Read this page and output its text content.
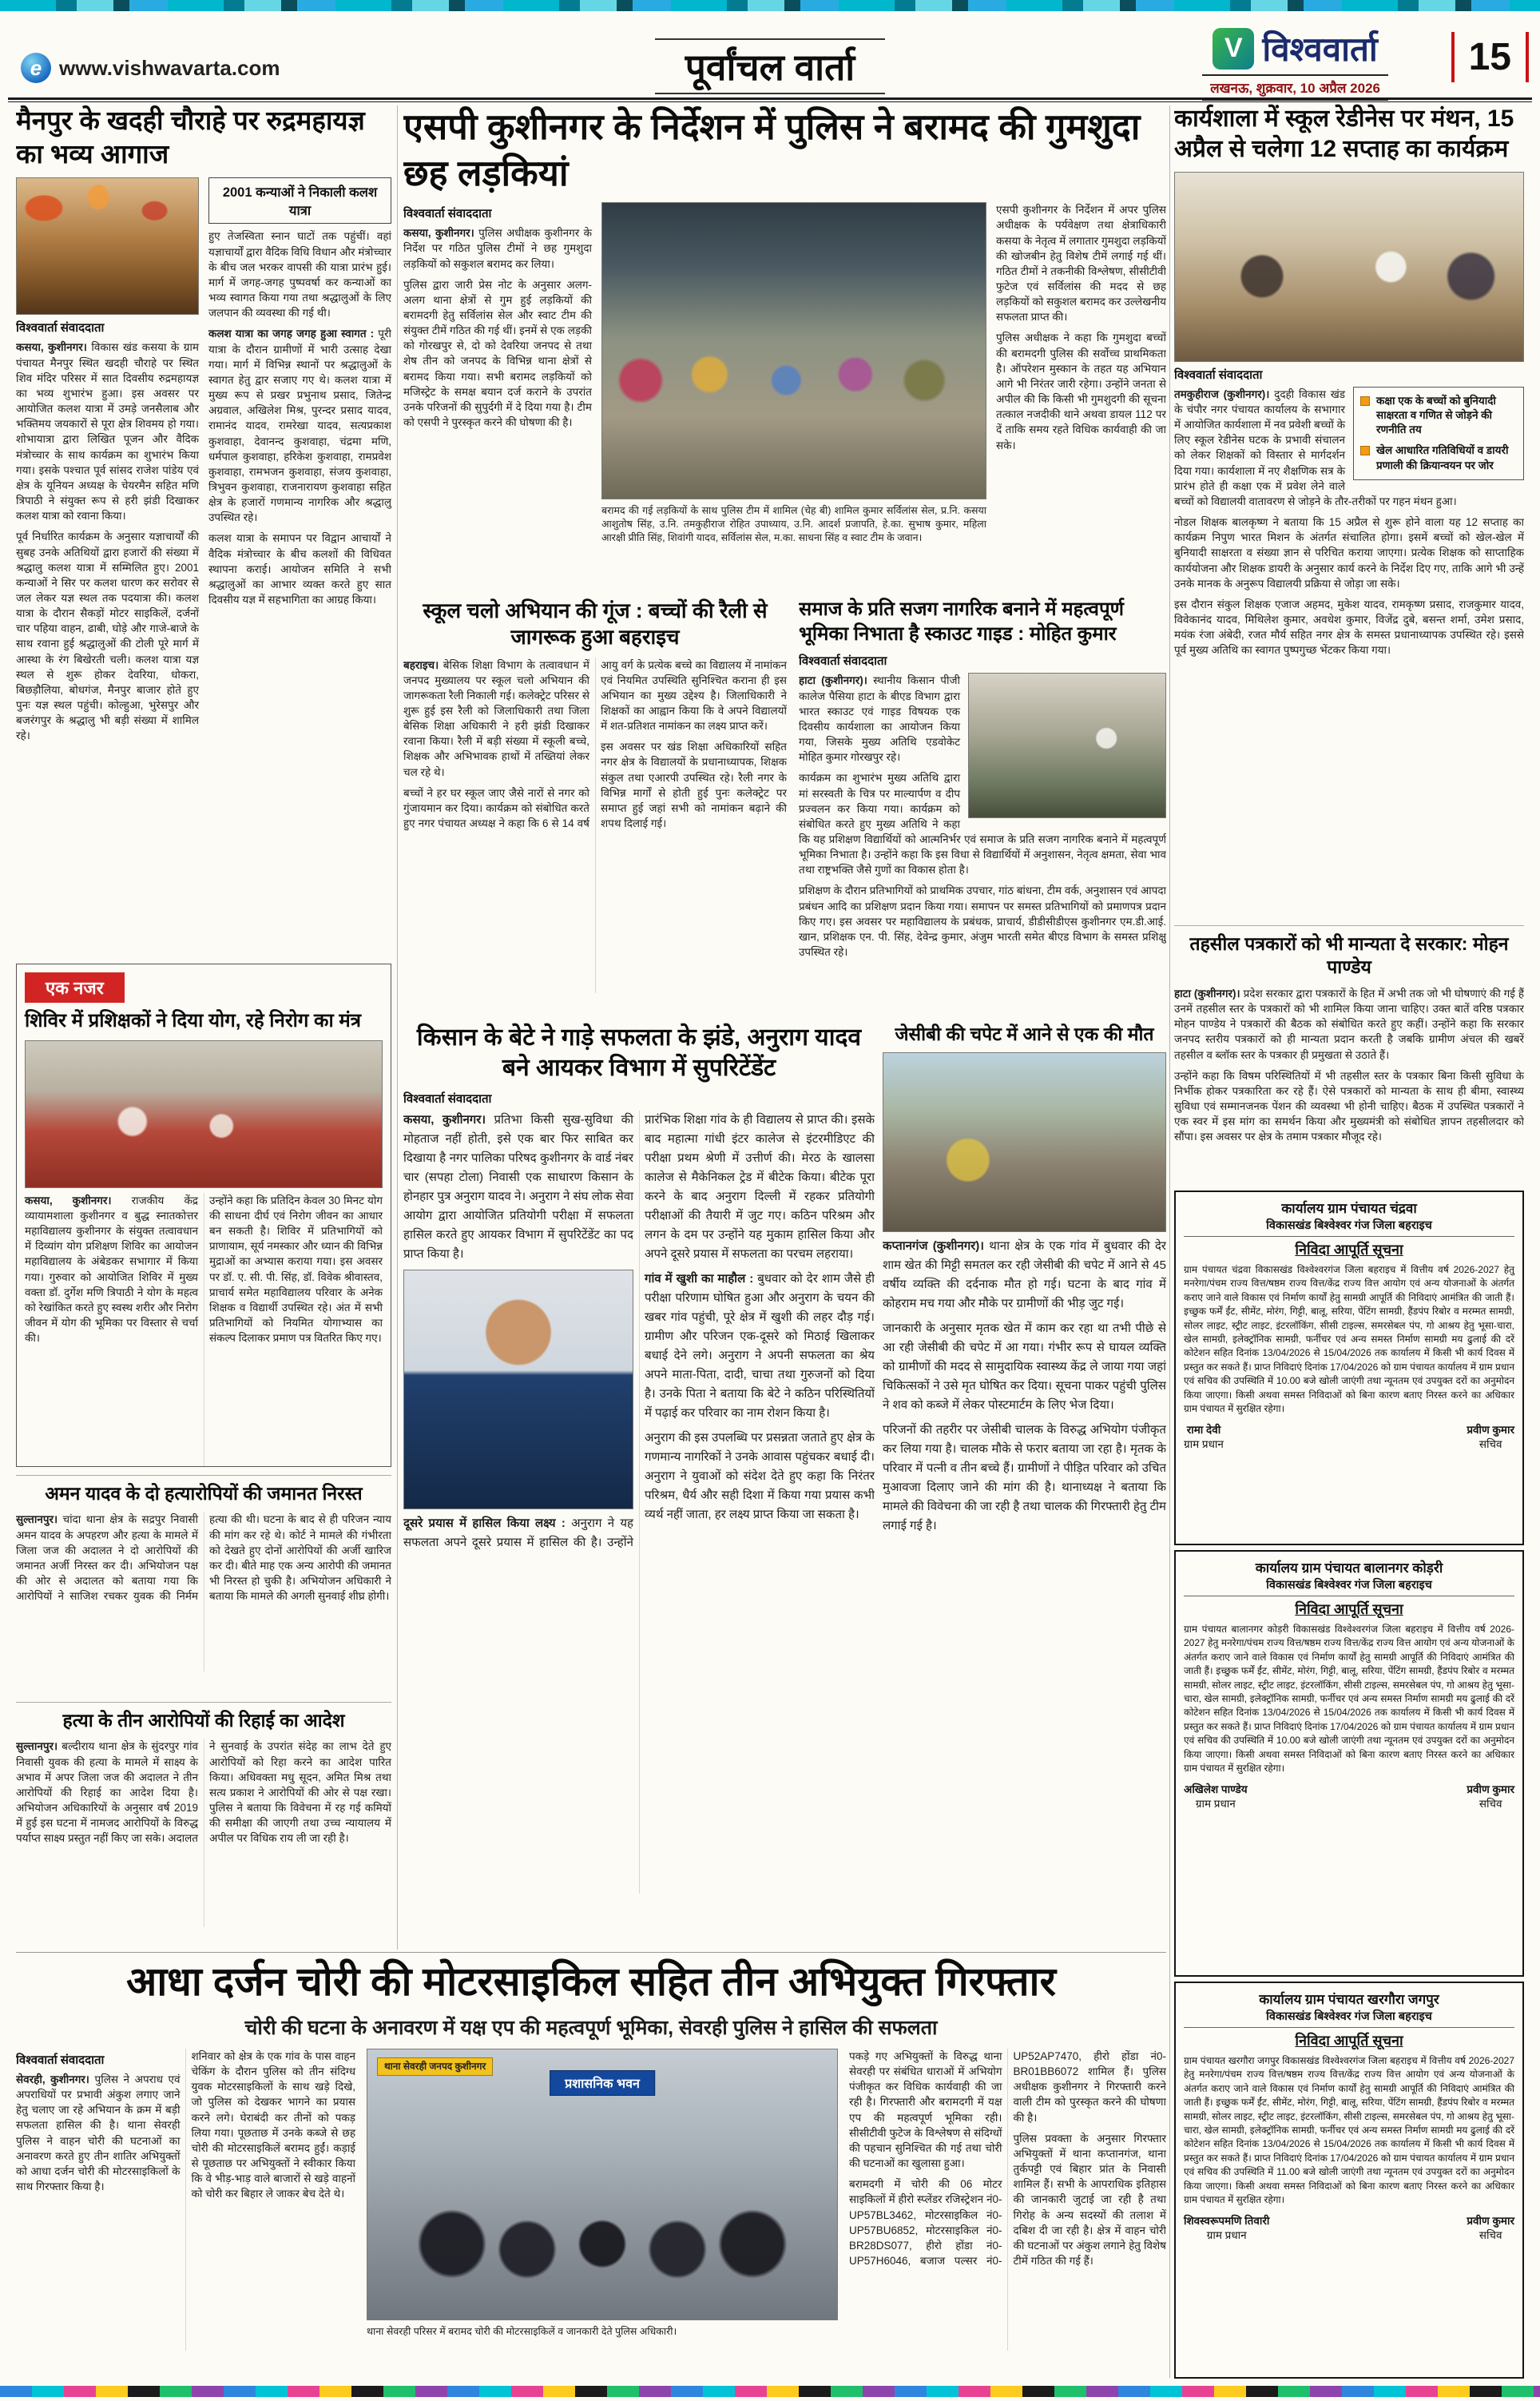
e www.vishwavarta.com	पूर्वांचल वार्ता	V विश्ववार्ता
लखनऊ, शुक्रवार, 10 अप्रैल 2026
15
मैनपुर के खदही चौराहे पर रुद्रमहायज्ञ का भव्य आगाज

विश्ववार्ता संवाददाता

कसया, कुशीनगर। विकास खंड कसया के ग्राम पंचायत मैनपुर स्थित खदही चौराहे पर स्थित शिव मंदिर परिसर में सात दिवसीय रुद्रमहायज्ञ का भव्य शुभारंभ हुआ। इस अवसर पर आयोजित कलश यात्रा में उमड़े जनसैलाब और भक्तिमय जयकारों से पूरा क्षेत्र शिवमय हो गया। शोभायात्रा द्वारा लिखित पूजन और वैदिक मंत्रोच्चार के साथ कार्यक्रम का शुभारंभ किया गया। इसके पश्चात पूर्व सांसद राजेश पांडेय एवं क्षेत्र के यूनियन अध्यक्ष के चेयरमैन सहित मणि त्रिपाठी ने संयुक्त रूप से हरी झंडी दिखाकर कलश यात्रा को रवाना किया।

पूर्व निर्धारित कार्यक्रम के अनुसार यज्ञाचार्यों की सुबह उनके अतिथियों द्वारा हजारों की संख्या में श्रद्धालु कलश यात्रा में सम्मिलित हुए। 2001 कन्याओं ने सिर पर कलश धारण कर सरोवर से जल लेकर यज्ञ स्थल तक पदयात्रा की। कलश यात्रा के दौरान सैकड़ों मोटर साइकिलें, दर्जनों चार पहिया वाहन, ढाबी, घोड़े और गाजे-बाजे के साथ रवाना हुई श्रद्धालुओं की टोली पूरे मार्ग में आस्था के रंग बिखेरती चली। कलश यात्रा यज्ञ स्थल से शुरू होकर देवरिया, धोकरा, बिछड़ौलिया, बोधगंज, मैनपुर बाजार होते हुए पुनः यज्ञ स्थल पहुंची। कोल्हुआ, भुरेसपुर और बजरंगपुर के श्रद्धालु भी बड़ी संख्या में शामिल रहे।

2001 कन्याओं ने निकाली कलश यात्रा

हुए तेजस्विता स्नान घाटों तक पहुंचीं। वहां यज्ञाचार्यों द्वारा वैदिक विधि विधान और मंत्रोच्चार के बीच जल भरकर वापसी की यात्रा प्रारंभ हुई। मार्ग में जगह-जगह पुष्पवर्षा कर कन्याओं का भव्य स्वागत किया गया तथा श्रद्धालुओं के लिए जलपान की व्यवस्था की गई थी।

कलश यात्रा का जगह जगह हुआ स्वागत : पूरी यात्रा के दौरान ग्रामीणों में भारी उत्साह देखा गया। मार्ग में विभिन्न स्थानों पर श्रद्धालुओं के स्वागत हेतु द्वार सजाए गए थे। कलश यात्रा में मुख्य रूप से प्रखर प्रभुनाथ प्रसाद, जितेन्द्र अग्रवाल, अखिलेश मिश्र, पुरन्दर प्रसाद यादव, रामानंद यादव, रामरेखा यादव, सत्यप्रकाश कुशवाहा, देवानन्द कुशवाहा, चंद्रमा मणि, धर्मपाल कुशवाहा, हरिकेश कुशवाहा, रामप्रवेश कुशवाहा, रामभजन कुशवाहा, संजय कुशवाहा, त्रिभुवन कुशवाहा, राजनारायण कुशवाहा सहित क्षेत्र के हजारों गणमान्य नागरिक और श्रद्धालु उपस्थित रहे।

कलश यात्रा के समापन पर विद्वान आचार्यों ने वैदिक मंत्रोच्चार के बीच कलशों की विधिवत स्थापना कराई। आयोजन समिति ने सभी श्रद्धालुओं का आभार व्यक्त करते हुए सात दिवसीय यज्ञ में सहभागिता का आग्रह किया।

एक नजर
शिविर में प्रशिक्षकों ने दिया योग, रहे निरोग का मंत्र

कसया, कुशीनगर। राजकीय केंद्र व्यायामशाला कुशीनगर व बुद्ध स्नातकोत्तर महाविद्यालय कुशीनगर के संयुक्त तत्वावधान में दिव्यांग योग प्रशिक्षण शिविर का आयोजन महाविद्यालय के अंबेडकर सभागार में किया गया। गुरुवार को आयोजित शिविर में मुख्य वक्ता डॉ. दुर्गेश मणि त्रिपाठी ने योग के महत्व को रेखांकित करते हुए स्वस्थ शरीर और निरोग जीवन में योग की भूमिका पर विस्तार से चर्चा की।

उन्होंने कहा कि प्रतिदिन केवल 30 मिनट योग की साधना दीर्घ एवं निरोग जीवन का आधार बन सकती है। शिविर में प्रतिभागियों को प्राणायाम, सूर्य नमस्कार और ध्यान की विभिन्न मुद्राओं का अभ्यास कराया गया। इस अवसर पर डॉ. ए. सी. पी. सिंह, डॉ. विवेक श्रीवास्तव, प्राचार्य समेत महाविद्यालय परिवार के अनेक शिक्षक व विद्यार्थी उपस्थित रहे। अंत में सभी प्रतिभागियों को नियमित योगाभ्यास का संकल्प दिलाकर प्रमाण पत्र वितरित किए गए।

अमन यादव के दो हत्यारोपियों की जमानत निरस्त

सुल्तानपुर। चांदा थाना क्षेत्र के सद्रपुर निवासी अमन यादव के अपहरण और हत्या के मामले में जिला जज की अदालत ने दो आरोपियों की जमानत अर्जी निरस्त कर दी। अभियोजन पक्ष की ओर से अदालत को बताया गया कि आरोपियों ने साजिश रचकर युवक की निर्मम हत्या की थी। घटना के बाद से ही परिजन न्याय की मांग कर रहे थे। कोर्ट ने मामले की गंभीरता को देखते हुए दोनों आरोपियों की अर्जी खारिज कर दी। बीते माह एक अन्य आरोपी की जमानत भी निरस्त हो चुकी है। अभियोजन अधिकारी ने बताया कि मामले की अगली सुनवाई शीघ्र होगी।

हत्या के तीन आरोपियों की रिहाई का आदेश

सुल्तानपुर। बल्दीराय थाना क्षेत्र के सुंदरपुर गांव निवासी युवक की हत्या के मामले में साक्ष्य के अभाव में अपर जिला जज की अदालत ने तीन आरोपियों की रिहाई का आदेश दिया है। अभियोजन अधिकारियों के अनुसार वर्ष 2019 में हुई इस घटना में नामजद आरोपियों के विरुद्ध पर्याप्त साक्ष्य प्रस्तुत नहीं किए जा सके। अदालत ने सुनवाई के उपरांत संदेह का लाभ देते हुए आरोपियों को रिहा करने का आदेश पारित किया। अधिवक्ता मधु सूदन, अमित मिश्र तथा सत्य प्रकाश ने आरोपियों की ओर से पक्ष रखा। पुलिस ने बताया कि विवेचना में रह गई कमियों की समीक्षा की जाएगी तथा उच्च न्यायालय में अपील पर विधिक राय ली जा रही है।

एसपी कुशीनगर के निर्देशन में पुलिस ने बरामद की गुमशुदा छह लड़कियां

विश्ववार्ता संवाददाता

कसया, कुशीनगर। पुलिस अधीक्षक कुशीनगर के निर्देश पर गठित पुलिस टीमों ने छह गुमशुदा लड़कियों को सकुशल बरामद कर लिया।

पुलिस द्वारा जारी प्रेस नोट के अनुसार अलग-अलग थाना क्षेत्रों से गुम हुई लड़कियों की बरामदगी हेतु सर्विलांस सेल और स्वाट टीम की संयुक्त टीमें गठित की गई थीं। इनमें से एक लड़की को गोरखपुर से, दो को देवरिया जनपद से तथा शेष तीन को जनपद के विभिन्न थाना क्षेत्रों से बरामद किया गया। सभी बरामद लड़कियों को मजिस्ट्रेट के समक्ष बयान दर्ज कराने के उपरांत उनके परिजनों की सुपुर्दगी में दे दिया गया है। टीम को एसपी ने पुरस्कृत करने की घोषणा की है।

बरामद की गई लड़कियों के साथ पुलिस टीम में शामिल (चेह बी) शामिल कुमार सर्विलांस सेल, प्र.नि. कसया आशुतोष सिंह, उ.नि. तमकुहीराज रोहित उपाध्याय, उ.नि. आदर्श प्रजापति, हे.का. सुभाष कुमार, महिला आरक्षी प्रीति सिंह, शिवांगी यादव, सर्विलांस सेल, म.का. साधना सिंह व स्वाट टीम के जवान।

एसपी कुशीनगर के निर्देशन में अपर पुलिस अधीक्षक के पर्यवेक्षण तथा क्षेत्राधिकारी कसया के नेतृत्व में लगातार गुमशुदा लड़कियों की खोजबीन हेतु विशेष टीमें लगाई गई थीं। गठित टीमों ने तकनीकी विश्लेषण, सीसीटीवी फुटेज एवं सर्विलांस की मदद से छह लड़कियों को सकुशल बरामद कर उल्लेखनीय सफलता प्राप्त की।

पुलिस अधीक्षक ने कहा कि गुमशुदा बच्चों की बरामदगी पुलिस की सर्वोच्च प्राथमिकता है। ऑपरेशन मुस्कान के तहत यह अभियान आगे भी निरंतर जारी रहेगा। उन्होंने जनता से अपील की कि किसी भी गुमशुदगी की सूचना तत्काल नजदीकी थाने अथवा डायल 112 पर दें ताकि समय रहते विधिक कार्यवाही की जा सके।

स्कूल चलो अभियान की गूंज : बच्चों की रैली से जागरूक हुआ बहराइच

बहराइच। बेसिक शिक्षा विभाग के तत्वावधान में जनपद मुख्यालय पर स्कूल चलो अभियान की जागरूकता रैली निकाली गई। कलेक्ट्रेट परिसर से शुरू हुई इस रैली को जिलाधिकारी तथा जिला बेसिक शिक्षा अधिकारी ने हरी झंडी दिखाकर रवाना किया। रैली में बड़ी संख्या में स्कूली बच्चे, शिक्षक और अभिभावक हाथों में तख्तियां लेकर चल रहे थे।

बच्चों ने हर घर स्कूल जाए जैसे नारों से नगर को गुंजायमान कर दिया। कार्यक्रम को संबोधित करते हुए नगर पंचायत अध्यक्ष ने कहा कि 6 से 14 वर्ष आयु वर्ग के प्रत्येक बच्चे का विद्यालय में नामांकन एवं नियमित उपस्थिति सुनिश्चित कराना ही इस अभियान का मुख्य उद्देश्य है। जिलाधिकारी ने शिक्षकों का आह्वान किया कि वे अपने विद्यालयों में शत-प्रतिशत नामांकन का लक्ष्य प्राप्त करें।

इस अवसर पर खंड शिक्षा अधिकारियों सहित नगर क्षेत्र के विद्यालयों के प्रधानाध्यापक, शिक्षक संकुल तथा एआरपी उपस्थित रहे। रैली नगर के विभिन्न मार्गों से होती हुई पुनः कलेक्ट्रेट पर समाप्त हुई जहां सभी को नामांकन बढ़ाने की शपथ दिलाई गई।

समाज के प्रति सजग नागरिक बनाने में महत्वपूर्ण भूमिका निभाता है स्काउट गाइड : मोहित कुमार

विश्ववार्ता संवाददाता

हाटा (कुशीनगर)। स्थानीय किसान पीजी कालेज पैसिया हाटा के बीएड विभाग द्वारा भारत स्काउट एवं गाइड विषयक एक दिवसीय कार्यशाला का आयोजन किया गया, जिसके मुख्य अतिथि एडवोकेट मोहित कुमार गोरखपुर रहे।

कार्यक्रम का शुभारंभ मुख्य अतिथि द्वारा मां सरस्वती के चित्र पर माल्यार्पण व दीप प्रज्वलन कर किया गया। कार्यक्रम को संबोधित करते हुए मुख्य अतिथि ने कहा कि यह प्रशिक्षण विद्यार्थियों को आत्मनिर्भर एवं समाज के प्रति सजग नागरिक बनाने में महत्वपूर्ण भूमिका निभाता है। उन्होंने कहा कि इस विधा से विद्यार्थियों में अनुशासन, नेतृत्व क्षमता, सेवा भाव तथा राष्ट्रभक्ति जैसे गुणों का विकास होता है।

प्रशिक्षण के दौरान प्रतिभागियों को प्राथमिक उपचार, गांठ बांधना, टीम वर्क, अनुशासन एवं आपदा प्रबंधन आदि का प्रशिक्षण प्रदान किया गया। समापन पर समस्त प्रतिभागियों को प्रमाणपत्र प्रदान किए गए। इस अवसर पर महाविद्यालय के प्रबंधक, प्राचार्य, डीडीसीडीएस कुशीनगर एम.डी.आई. खान, प्रशिक्षक एन. पी. सिंह, देवेन्द्र कुमार, अंजुम भारती समेत बीएड विभाग के समस्त प्रशिक्षु उपस्थित रहे।

किसान के बेटे ने गाड़े सफलता के झंडे, अनुराग यादव बने आयकर विभाग में सुपरिटेंडेंट

विश्ववार्ता संवाददाता

कसया, कुशीनगर। प्रतिभा किसी सुख-सुविधा की मोहताज नहीं होती, इसे एक बार फिर साबित कर दिखाया है नगर पालिका परिषद कुशीनगर के वार्ड नंबर चार (सपहा टोला) निवासी एक साधारण किसान के होनहार पुत्र अनुराग यादव ने। अनुराग ने संघ लोक सेवा आयोग द्वारा आयोजित प्रतियोगी परीक्षा में सफलता हासिल करते हुए आयकर विभाग में सुपरिटेंडेंट का पद प्राप्त किया है।

दूसरे प्रयास में हासिल किया लक्ष्य : अनुराग ने यह सफलता अपने दूसरे प्रयास में हासिल की है। उन्होंने प्रारंभिक शिक्षा गांव के ही विद्यालय से प्राप्त की। इसके बाद महात्मा गांधी इंटर कालेज से इंटरमीडिएट की परीक्षा प्रथम श्रेणी में उत्तीर्ण की। मेरठ के खालसा कालेज से मैकेनिकल ट्रेड में बीटेक किया। बीटेक पूरा करने के बाद अनुराग दिल्ली में रहकर प्रतियोगी परीक्षाओं की तैयारी में जुट गए। कठिन परिश्रम और लगन के दम पर उन्होंने यह मुकाम हासिल किया और अपने दूसरे प्रयास में सफलता का परचम लहराया।

गांव में खुशी का माहौल : बुधवार को देर शाम जैसे ही परीक्षा परिणाम घोषित हुआ और अनुराग के चयन की खबर गांव पहुंची, पूरे क्षेत्र में खुशी की लहर दौड़ गई। ग्रामीण और परिजन एक-दूसरे को मिठाई खिलाकर बधाई देने लगे। अनुराग ने अपनी सफलता का श्रेय अपने माता-पिता, दादी, चाचा तथा गुरुजनों को दिया है। उनके पिता ने बताया कि बेटे ने कठिन परिस्थितियों में पढ़ाई कर परिवार का नाम रोशन किया है।

अनुराग की इस उपलब्धि पर प्रसन्नता जताते हुए क्षेत्र के गणमान्य नागरिकों ने उनके आवास पहुंचकर बधाई दी। अनुराग ने युवाओं को संदेश देते हुए कहा कि निरंतर परिश्रम, धैर्य और सही दिशा में किया गया प्रयास कभी व्यर्थ नहीं जाता, हर लक्ष्य प्राप्त किया जा सकता है।

जेसीबी की चपेट में आने से एक की मौत

कप्तानगंज (कुशीनगर)। थाना क्षेत्र के एक गांव में बुधवार की देर शाम खेत की मिट्टी समतल कर रही जेसीबी की चपेट में आने से 45 वर्षीय व्यक्ति की दर्दनाक मौत हो गई। घटना के बाद गांव में कोहराम मच गया और मौके पर ग्रामीणों की भीड़ जुट गई।

जानकारी के अनुसार मृतक खेत में काम कर रहा था तभी पीछे से आ रही जेसीबी की चपेट में आ गया। गंभीर रूप से घायल व्यक्ति को ग्रामीणों की मदद से सामुदायिक स्वास्थ्य केंद्र ले जाया गया जहां चिकित्सकों ने उसे मृत घोषित कर दिया। सूचना पाकर पहुंची पुलिस ने शव को कब्जे में लेकर पोस्टमार्टम के लिए भेज दिया।

परिजनों की तहरीर पर जेसीबी चालक के विरुद्ध अभियोग पंजीकृत कर लिया गया है। चालक मौके से फरार बताया जा रहा है। मृतक के परिवार में पत्नी व तीन बच्चे हैं। ग्रामीणों ने पीड़ित परिवार को उचित मुआवजा दिलाए जाने की मांग की है। थानाध्यक्ष ने बताया कि मामले की विवेचना की जा रही है तथा चालक की गिरफ्तारी हेतु टीम लगाई गई है।

कार्यशाला में स्कूल रेडीनेस पर मंथन, 15 अप्रैल से चलेगा 12 सप्ताह का कार्यक्रम

विश्ववार्ता संवाददाता

कक्षा एक के बच्चों को बुनियादी साक्षरता व गणित से जोड़ने की रणनीति तय
खेल आधारित गतिविधियों व डायरी प्रणाली की क्रियान्वयन पर जोर

तमकुहीराज (कुशीनगर)। दुदही विकास खंड के चंपौर नगर पंचायत कार्यालय के सभागार में आयोजित कार्यशाला में नव प्रवेशी बच्चों के लिए स्कूल रेडीनेस घटक के प्रभावी संचालन को लेकर शिक्षकों को विस्तार से मार्गदर्शन दिया गया। कार्यशाला में नए शैक्षणिक सत्र के प्रारंभ होते ही कक्षा एक में प्रवेश लेने वाले बच्चों को विद्यालयी वातावरण से जोड़ने के तौर-तरीकों पर गहन मंथन हुआ।

नोडल शिक्षक बालकृष्ण ने बताया कि 15 अप्रैल से शुरू होने वाला यह 12 सप्ताह का कार्यक्रम निपुण भारत मिशन के अंतर्गत संचालित होगा। इसमें बच्चों को खेल-खेल में बुनियादी साक्षरता व संख्या ज्ञान से परिचित कराया जाएगा। प्रत्येक शिक्षक को साप्ताहिक कार्ययोजना और शिक्षक डायरी के अनुसार कार्य करने के निर्देश दिए गए, ताकि आगे भी उन्हें उनके मानक के अनुरूप विद्यालयी प्रक्रिया से जोड़ा जा सके।

इस दौरान संकुल शिक्षक एजाज अहमद, मुकेश यादव, रामकृष्ण प्रसाद, राजकुमार यादव, विवेकानंद यादव, मिथिलेश कुमार, अवधेश कुमार, विजेंद्र दुबे, बसन्त शर्मा, उमेश प्रसाद, मयंक रंजा अंबेदी, रजत मौर्य सहित नगर क्षेत्र के समस्त प्रधानाध्यापक उपस्थित रहे। इससे पूर्व मुख्य अतिथि का स्वागत पुष्पगुच्छ भेंटकर किया गया।

तहसील पत्रकारों को भी मान्यता दे सरकार: मोहन पाण्डेय

हाटा (कुशीनगर)। प्रदेश सरकार द्वारा पत्रकारों के हित में अभी तक जो भी घोषणाएं की गई हैं उनमें तहसील स्तर के पत्रकारों को भी शामिल किया जाना चाहिए। उक्त बातें वरिष्ठ पत्रकार मोहन पाण्डेय ने पत्रकारों की बैठक को संबोधित करते हुए कहीं। उन्होंने कहा कि सरकार जनपद स्तरीय पत्रकारों को ही मान्यता प्रदान करती है जबकि ग्रामीण अंचल की खबरें तहसील व ब्लॉक स्तर के पत्रकार ही प्रमुखता से उठाते हैं।

उन्होंने कहा कि विषम परिस्थितियों में भी तहसील स्तर के पत्रकार बिना किसी सुविधा के निर्भीक होकर पत्रकारिता कर रहे हैं। ऐसे पत्रकारों को मान्यता के साथ ही बीमा, स्वास्थ्य सुविधा एवं सम्मानजनक पेंशन की व्यवस्था भी होनी चाहिए। बैठक में उपस्थित पत्रकारों ने एक स्वर में इस मांग का समर्थन किया और मुख्यमंत्री को संबोधित ज्ञापन तहसीलदार को सौंपा। इस अवसर पर क्षेत्र के तमाम पत्रकार मौजूद रहे।

कार्यालय ग्राम पंचायत चंद्रवा
विकासखंड बिश्वेश्वर गंज जिला बहराइच
निविदा आपूर्ति सूचना

ग्राम पंचायत चंद्रवा विकासखंड विश्वेश्वरगंज जिला बहराइच में वित्तीय वर्ष 2026-2027 हेतु मनरेगा/पंचम राज्य वित्त/षष्ठम राज्य वित्त/केंद्र राज्य वित्त आयोग एवं अन्य योजनाओं के अंतर्गत कराए जाने वाले विकास एवं निर्माण कार्यों हेतु सामग्री आपूर्ति की निविदाएं आमंत्रित की जाती हैं। इच्छुक फर्में ईंट, सीमेंट, मोरंग, गिट्टी, बालू, सरिया, पेंटिंग सामग्री, हैंडपंप रिबोर व मरम्मत सामग्री, सोलर लाइट, स्ट्रीट लाइट, इंटरलॉकिंग, सीसी टाइल्स, समरसेबल पंप, गो आश्रय हेतु भूसा-चारा, खेल सामग्री, इलेक्ट्रॉनिक सामग्री, फर्नीचर एवं अन्य समस्त निर्माण सामग्री मय ढुलाई की दरें कोटेशन सहित दिनांक 13/04/2026 से 15/04/2026 तक कार्यालय में किसी भी कार्य दिवस में प्रस्तुत कर सकते हैं। प्राप्त निविदाएं दिनांक 17/04/2026 को ग्राम पंचायत कार्यालय में ग्राम प्रधान एवं सचिव की उपस्थिति में 10.00 बजे खोली जाएंगी तथा न्यूनतम एवं उपयुक्त दरों का अनुमोदन किया जाएगा। किसी अथवा समस्त निविदाओं को बिना कारण बताए निरस्त करने का अधिकार ग्राम पंचायत में सुरक्षित रहेगा।

रामा देवी
ग्राम प्रधान
प्रवीण कुमार
सचिव
कार्यालय ग्राम पंचायत बालानगर कोड़री
विकासखंड बिश्वेश्वर गंज जिला बहराइच
निविदा आपूर्ति सूचना

ग्राम पंचायत बालानगर कोड़री विकासखंड विश्वेश्वरगंज जिला बहराइच में वित्तीय वर्ष 2026-2027 हेतु मनरेगा/पंचम राज्य वित्त/षष्ठम राज्य वित्त/केंद्र राज्य वित्त आयोग एवं अन्य योजनाओं के अंतर्गत कराए जाने वाले विकास एवं निर्माण कार्यों हेतु सामग्री आपूर्ति की निविदाएं आमंत्रित की जाती हैं। इच्छुक फर्में ईंट, सीमेंट, मोरंग, गिट्टी, बालू, सरिया, पेंटिंग सामग्री, हैंडपंप रिबोर व मरम्मत सामग्री, सोलर लाइट, स्ट्रीट लाइट, इंटरलॉकिंग, सीसी टाइल्स, समरसेबल पंप, गो आश्रय हेतु भूसा-चारा, खेल सामग्री, इलेक्ट्रॉनिक सामग्री, फर्नीचर एवं अन्य समस्त निर्माण सामग्री मय ढुलाई की दरें कोटेशन सहित दिनांक 13/04/2026 से 15/04/2026 तक कार्यालय में किसी भी कार्य दिवस में प्रस्तुत कर सकते हैं। प्राप्त निविदाएं दिनांक 17/04/2026 को ग्राम पंचायत कार्यालय में ग्राम प्रधान एवं सचिव की उपस्थिति में 10.00 बजे खोली जाएंगी तथा न्यूनतम एवं उपयुक्त दरों का अनुमोदन किया जाएगा। किसी अथवा समस्त निविदाओं को बिना कारण बताए निरस्त करने का अधिकार ग्राम पंचायत में सुरक्षित रहेगा।

अखिलेश पाण्डेय
ग्राम प्रधान
प्रवीण कुमार
सचिव
कार्यालय ग्राम पंचायत खरगौरा जगपुर
विकासखंड बिश्वेश्वर गंज जिला बहराइच
निविदा आपूर्ति सूचना

ग्राम पंचायत खरगौरा जगपुर विकासखंड विश्वेश्वरगंज जिला बहराइच में वित्तीय वर्ष 2026-2027 हेतु मनरेगा/पंचम राज्य वित्त/षष्ठम राज्य वित्त/केंद्र राज्य वित्त आयोग एवं अन्य योजनाओं के अंतर्गत कराए जाने वाले विकास एवं निर्माण कार्यों हेतु सामग्री आपूर्ति की निविदाएं आमंत्रित की जाती हैं। इच्छुक फर्में ईंट, सीमेंट, मोरंग, गिट्टी, बालू, सरिया, पेंटिंग सामग्री, हैंडपंप रिबोर व मरम्मत सामग्री, सोलर लाइट, स्ट्रीट लाइट, इंटरलॉकिंग, सीसी टाइल्स, समरसेबल पंप, गो आश्रय हेतु भूसा-चारा, खेल सामग्री, इलेक्ट्रॉनिक सामग्री, फर्नीचर एवं अन्य समस्त निर्माण सामग्री मय ढुलाई की दरें कोटेशन सहित दिनांक 13/04/2026 से 15/04/2026 तक कार्यालय में किसी भी कार्य दिवस में प्रस्तुत कर सकते हैं। प्राप्त निविदाएं दिनांक 17/04/2026 को ग्राम पंचायत कार्यालय में ग्राम प्रधान एवं सचिव की उपस्थिति में 11.00 बजे खोली जाएंगी तथा न्यूनतम एवं उपयुक्त दरों का अनुमोदन किया जाएगा। किसी अथवा समस्त निविदाओं को बिना कारण बताए निरस्त करने का अधिकार ग्राम पंचायत में सुरक्षित रहेगा।

शिवस्वरूपमणि तिवारी
ग्राम प्रधान
प्रवीण कुमार
सचिव
आधा दर्जन चोरी की मोटरसाइकिल सहित तीन अभियुक्त गिरफ्तार
चोरी की घटना के अनावरण में यक्ष एप की महत्वपूर्ण भूमिका, सेवरही पुलिस ने हासिल की सफलता

विश्ववार्ता संवाददाता

सेवरही, कुशीनगर। पुलिस ने अपराध एवं अपराधियों पर प्रभावी अंकुश लगाए जाने हेतु चलाए जा रहे अभियान के क्रम में बड़ी सफलता हासिल की है। थाना सेवरही पुलिस ने वाहन चोरी की घटनाओं का अनावरण करते हुए तीन शातिर अभियुक्तों को आधा दर्जन चोरी की मोटरसाइकिलों के साथ गिरफ्तार किया है।

शनिवार को क्षेत्र के एक गांव के पास वाहन चेकिंग के दौरान पुलिस को तीन संदिग्ध युवक मोटरसाइकिलों के साथ खड़े दिखे, जो पुलिस को देखकर भागने का प्रयास करने लगे। घेराबंदी कर तीनों को पकड़ लिया गया। पूछताछ में उनके कब्जे से छह चोरी की मोटरसाइकिलें बरामद हुईं। कड़ाई से पूछताछ पर अभियुक्तों ने स्वीकार किया कि वे भीड़-भाड़ वाले बाजारों से खड़े वाहनों को चोरी कर बिहार ले जाकर बेच देते थे।

थाना सेवरही जनपद कुशीनगर
प्रशासनिक भवन

थाना सेवरही परिसर में बरामद चोरी की मोटरसाइकिलें व जानकारी देते पुलिस अधिकारी।

पकड़े गए अभियुक्तों के विरुद्ध थाना सेवरही पर संबंधित धाराओं में अभियोग पंजीकृत कर विधिक कार्यवाही की जा रही है। गिरफ्तारी और बरामदगी में यक्ष एप की महत्वपूर्ण भूमिका रही। सीसीटीवी फुटेज के विश्लेषण से संदिग्धों की पहचान सुनिश्चित की गई तथा चोरी की घटनाओं का खुलासा हुआ।

बरामदगी में चोरी की 06 मोटर साइकिलों में हीरो स्प्लेंडर रजिस्ट्रेशन नं0-UP57BL3462, मोटरसाइकिल नं0-UP57BU6852, मोटरसाइकिल नं0-BR28DS077, हीरो होंडा नं0-UP57H6046, बजाज पल्सर नं0-UP52AP7470, हीरो होंडा नं0-BR01BB6072 शामिल हैं। पुलिस अधीक्षक कुशीनगर ने गिरफ्तारी करने वाली टीम को पुरस्कृत करने की घोषणा की है।

पुलिस प्रवक्ता के अनुसार गिरफ्तार अभियुक्तों में थाना कप्तानगंज, थाना तुर्कपट्टी एवं बिहार प्रांत के निवासी शामिल हैं। सभी के आपराधिक इतिहास की जानकारी जुटाई जा रही है तथा गिरोह के अन्य सदस्यों की तलाश में दबिश दी जा रही है। क्षेत्र में वाहन चोरी की घटनाओं पर अंकुश लगाने हेतु विशेष टीमें गठित की गई हैं।
